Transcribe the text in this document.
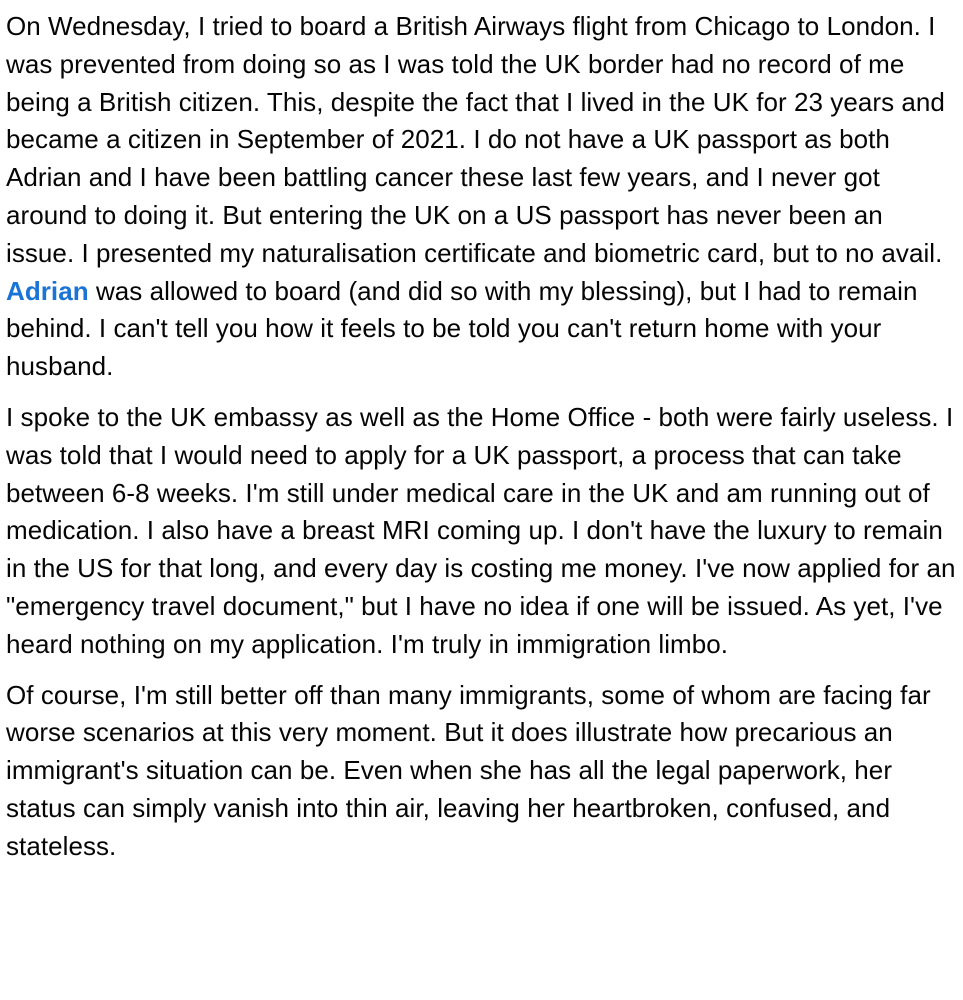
On Wednesday, I tried to board a British Airways flight from Chicago to London. I was prevented from doing so as I was told the UK border had no record of me being a British citizen. This, despite the fact that I lived in the UK for 23 years and became a citizen in September of 2021. I do not have a UK passport as both Adrian and I have been battling cancer these last few years, and I never got around to doing it. But entering the UK on a US passport has never been an issue. I presented my naturalisation certificate and biometric card, but to no avail. Adrian was allowed to board (and did so with my blessing), but I had to remain behind. I can't tell you how it feels to be told you can't return home with your husband.

I spoke to the UK embassy as well as the Home Office - both were fairly useless. I was told that I would need to apply for a UK passport, a process that can take between 6-8 weeks. I'm still under medical care in the UK and am running out of medication. I also have a breast MRI coming up. I don't have the luxury to remain in the US for that long, and every day is costing me money. I've now applied for an "emergency travel document," but I have no idea if one will be issued. As yet, I've heard nothing on my application. I'm truly in immigration limbo.

Of course, I'm still better off than many immigrants, some of whom are facing far worse scenarios at this very moment. But it does illustrate how precarious an immigrant's situation can be. Even when she has all the legal paperwork, her status can simply vanish into thin air, leaving her heartbroken, confused, and stateless.
